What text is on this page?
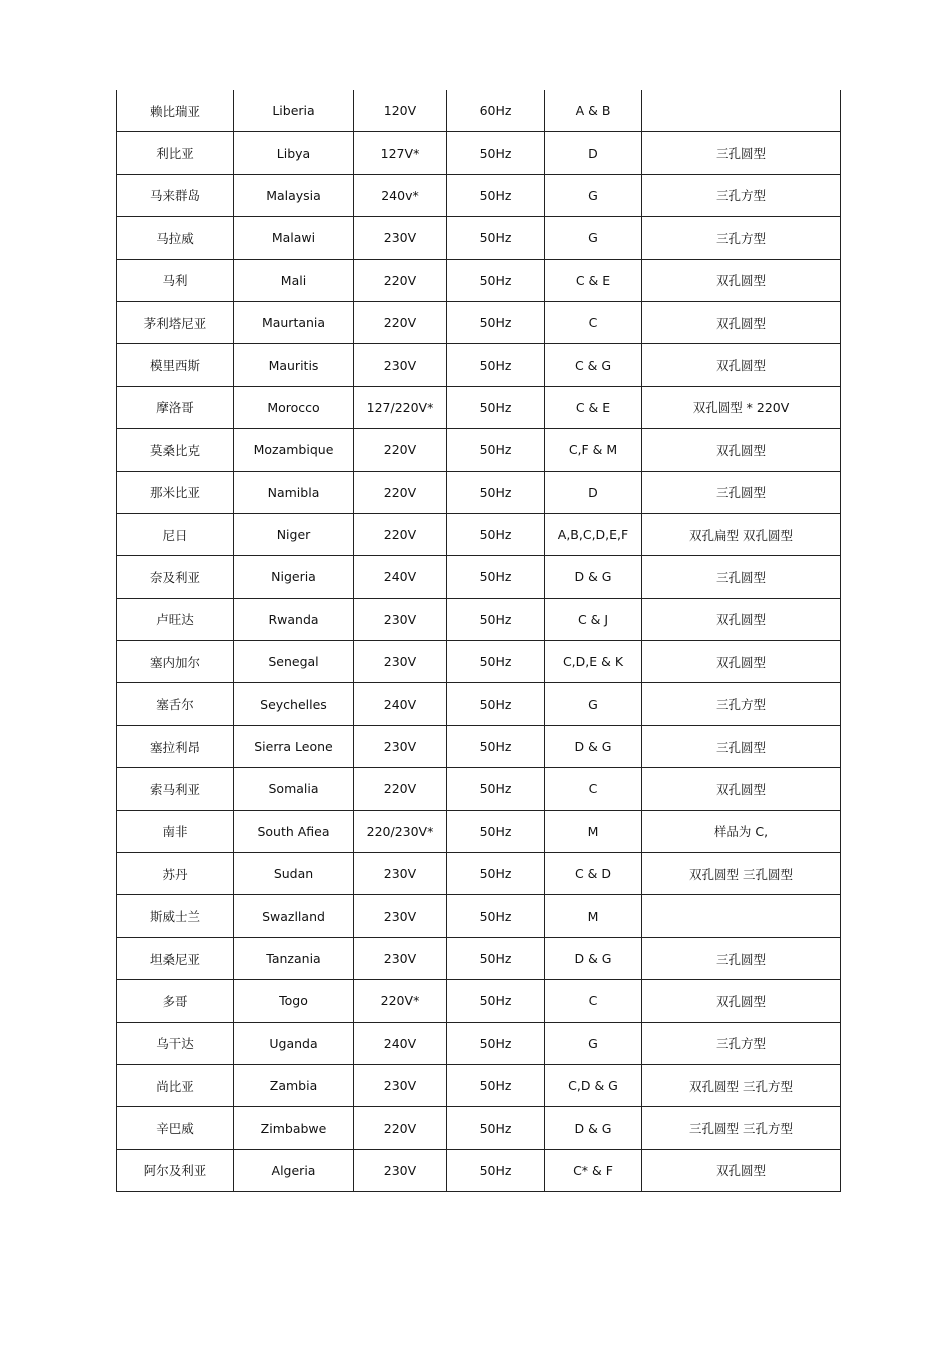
赖比瑞亚	Liberia	120V	60Hz	A & B	
利比亚	Libya	127V*	50Hz	D	三孔圆型
马来群岛	Malaysia	240v*	50Hz	G	三孔方型
马拉威	Malawi	230V	50Hz	G	三孔方型
马利	Mali	220V	50Hz	C & E	双孔圆型
茅利塔尼亚	Maurtania	220V	50Hz	C	双孔圆型
模里西斯	Mauritis	230V	50Hz	C & G	双孔圆型
摩洛哥	Morocco	127/220V*	50Hz	C & E	双孔圆型 * 220V
莫桑比克	Mozambique	220V	50Hz	C,F & M	双孔圆型
那米比亚	Namibla	220V	50Hz	D	三孔圆型
尼日	Niger	220V	50Hz	A,B,C,D,E,F	双孔扁型 双孔圆型
奈及利亚	Nigeria	240V	50Hz	D & G	三孔圆型
卢旺达	Rwanda	230V	50Hz	C & J	双孔圆型
塞内加尔	Senegal	230V	50Hz	C,D,E & K	双孔圆型
塞舌尔	Seychelles	240V	50Hz	G	三孔方型
塞拉利昂	Sierra Leone	230V	50Hz	D & G	三孔圆型
索马利亚	Somalia	220V	50Hz	C	双孔圆型
南非	South Afiea	220/230V*	50Hz	M	样品为 C,
苏丹	Sudan	230V	50Hz	C & D	双孔圆型 三孔圆型
斯威士兰	Swazlland	230V	50Hz	M	
坦桑尼亚	Tanzania	230V	50Hz	D & G	三孔圆型
多哥	Togo	220V*	50Hz	C	双孔圆型
乌干达	Uganda	240V	50Hz	G	三孔方型
尚比亚	Zambia	230V	50Hz	C,D & G	双孔圆型 三孔方型
辛巴威	Zimbabwe	220V	50Hz	D & G	三孔圆型 三孔方型
阿尔及利亚	Algeria	230V	50Hz	C* & F	双孔圆型
